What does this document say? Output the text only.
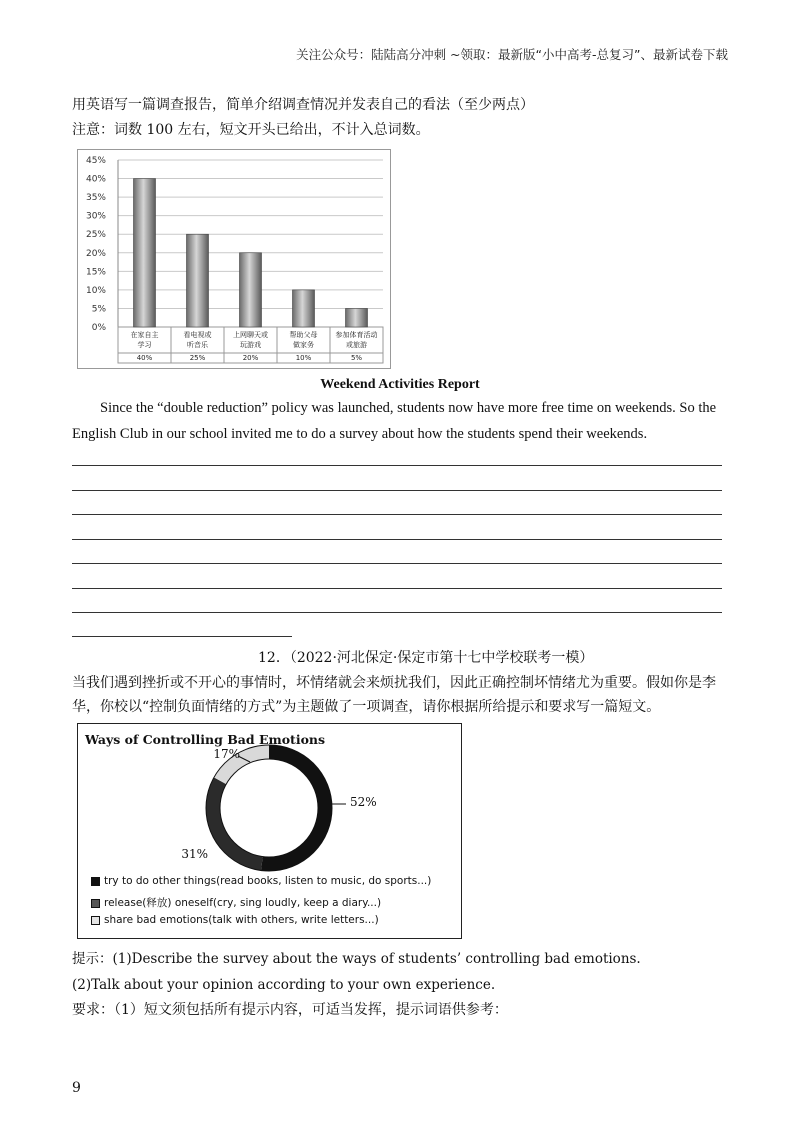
关注公众号：陆陆高分冲刺 ~领取：最新版“小中高考-总复习”、最新试卷下载
用英语写一篇调查报告，简单介绍调查情况并发表自己的看法（至少两点）
注意：词数 100 左右，短文开头已给出，不计入总词数。
0%
5%
10%
15%
20%
25%
30%
35%
40%
45%
在家自主
学习
40%
看电视或
听音乐
25%
上网聊天或
玩游戏
20%
帮助父母
做家务
10%
参加体育活动
或旅游
5%
Weekend Activities Report
Since the “double reduction” policy was launched, students now have more free time on weekends. So the
English Club in our school invited me to do a survey about how the students spend their weekends.
12．（2022·河北保定·保定市第十七中学校联考一模）
当我们遇到挫折或不开心的事情时，坏情绪就会来烦扰我们，因此正确控制坏情绪尤为重要。假如你是李
华，你校以“控制负面情绪的方式”为主题做了一项调查，请你根据所给提示和要求写一篇短文。
Ways of Controlling Bad Emotions
52%
31%
17%
try to do other things(read books, listen to music, do sports...)
release(释放) oneself(cry, sing loudly, keep a diary...)
share bad emotions(talk with others, write letters...)
提示：(1)Describe the survey about the ways of students’ controlling bad emotions.
(2)Talk about your opinion according to your own experience.
要求：（1）短文须包括所有提示内容，可适当发挥，提示词语供参考：
9
